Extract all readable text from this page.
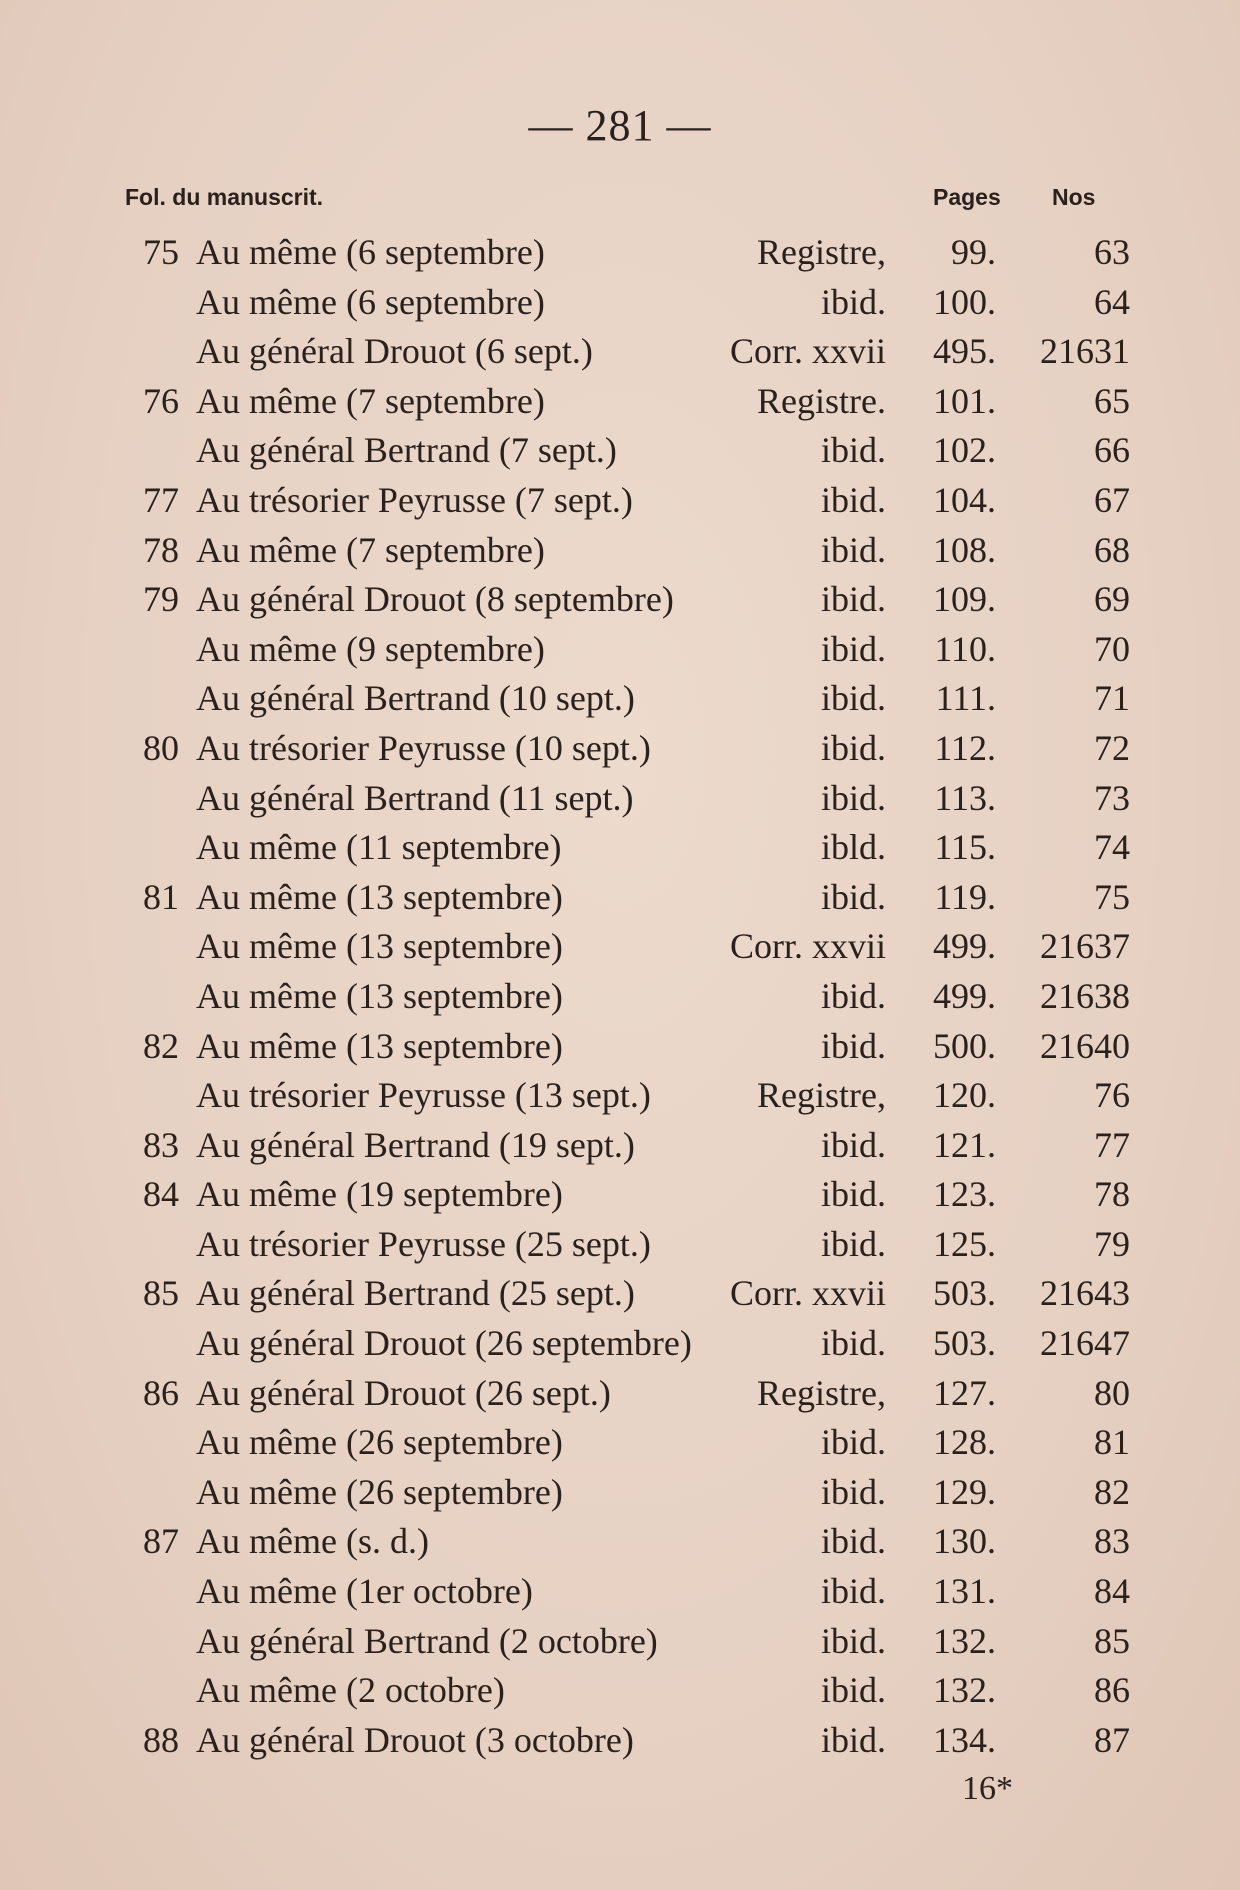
— 281 —
Fol. du manuscrit.	Pages Nos
75 Au même (6 septembre)	Registre,	99.	63
Au même (6 septembre)	ibid.	100.	64
Au général Drouot (6 sept.)	Corr. xxvii	495.	21631
76 Au même (7 septembre)	Registre.	101.	65
Au général Bertrand (7 sept.)	ibid.	102.	66
77 Au trésorier Peyrusse (7 sept.)	ibid.	104.	67
78 Au même (7 septembre)	ibid.	108.	68
79 Au général Drouot (8 septembre)	ibid.	109.	69
Au même (9 septembre)	ibid.	110.	70
Au général Bertrand (10 sept.)	ibid.	111.	71
80 Au trésorier Peyrusse (10 sept.)	ibid.	112.	72
Au général Bertrand (11 sept.)	ibid.	113.	73
Au même (11 septembre)	ibld.	115.	74
81 Au même (13 septembre)	ibid.	119.	75
Au même (13 septembre)	Corr. xxvii	499.	21637
Au même (13 septembre)	ibid.	499.	21638
82 Au même (13 septembre)	ibid.	500.	21640
Au trésorier Peyrusse (13 sept.)	Registre,	120.	76
83 Au général Bertrand (19 sept.)	ibid.	121.	77
84 Au même (19 septembre)	ibid.	123.	78
Au trésorier Peyrusse (25 sept.)	ibid.	125.	79
85 Au général Bertrand (25 sept.)	Corr. xxvii	503.	21643
Au général Drouot (26 septembre)	ibid.	503.	21647
86 Au général Drouot (26 sept.)	Registre,	127.	80
Au même (26 septembre)	ibid.	128.	81
Au même (26 septembre)	ibid.	129.	82
87 Au même (s. d.)	ibid.	130.	83
Au même (1er octobre)	ibid.	131.	84
Au général Bertrand (2 octobre)	ibid.	132.	85
Au même (2 octobre)	ibid.	132.	86
88 Au général Drouot (3 octobre)	ibid.	134.	87
16*
